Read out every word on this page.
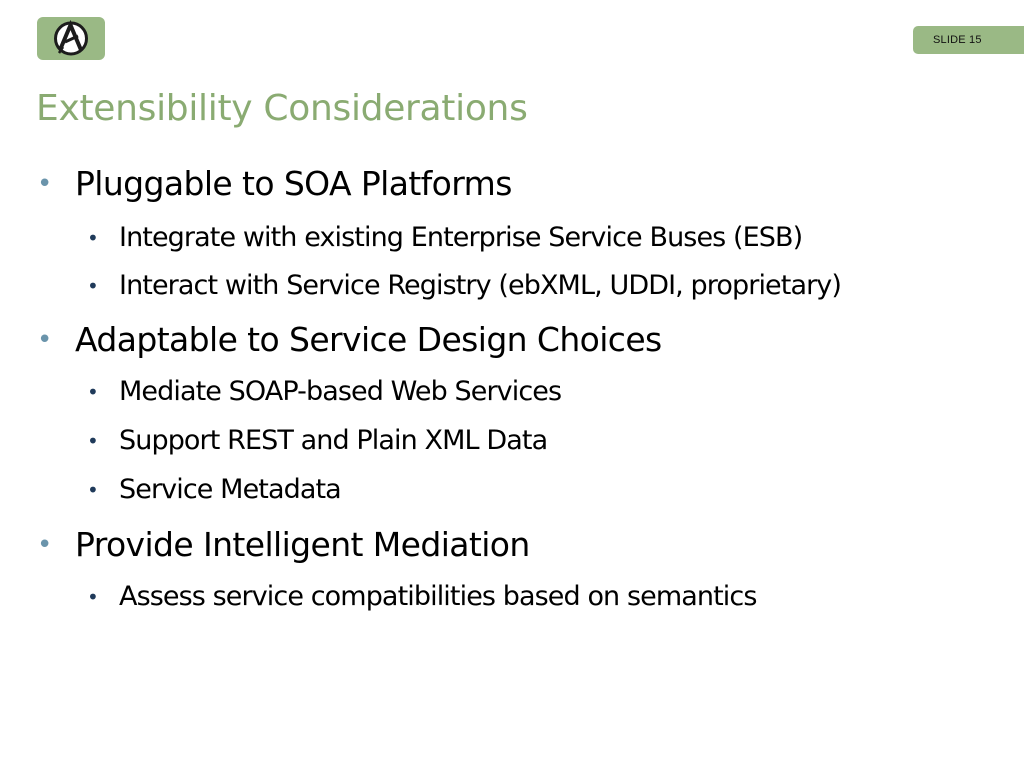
SLIDE 15
Extensibility Considerations
• Pluggable to SOA Platforms
• Integrate with existing Enterprise Service Buses (ESB)
• Interact with Service Registry (ebXML, UDDI, proprietary)
• Adaptable to Service Design Choices
• Mediate SOAP-based Web Services
• Support REST and Plain XML Data
• Service Metadata
• Provide Intelligent Mediation
• Assess service compatibilities based on semantics
